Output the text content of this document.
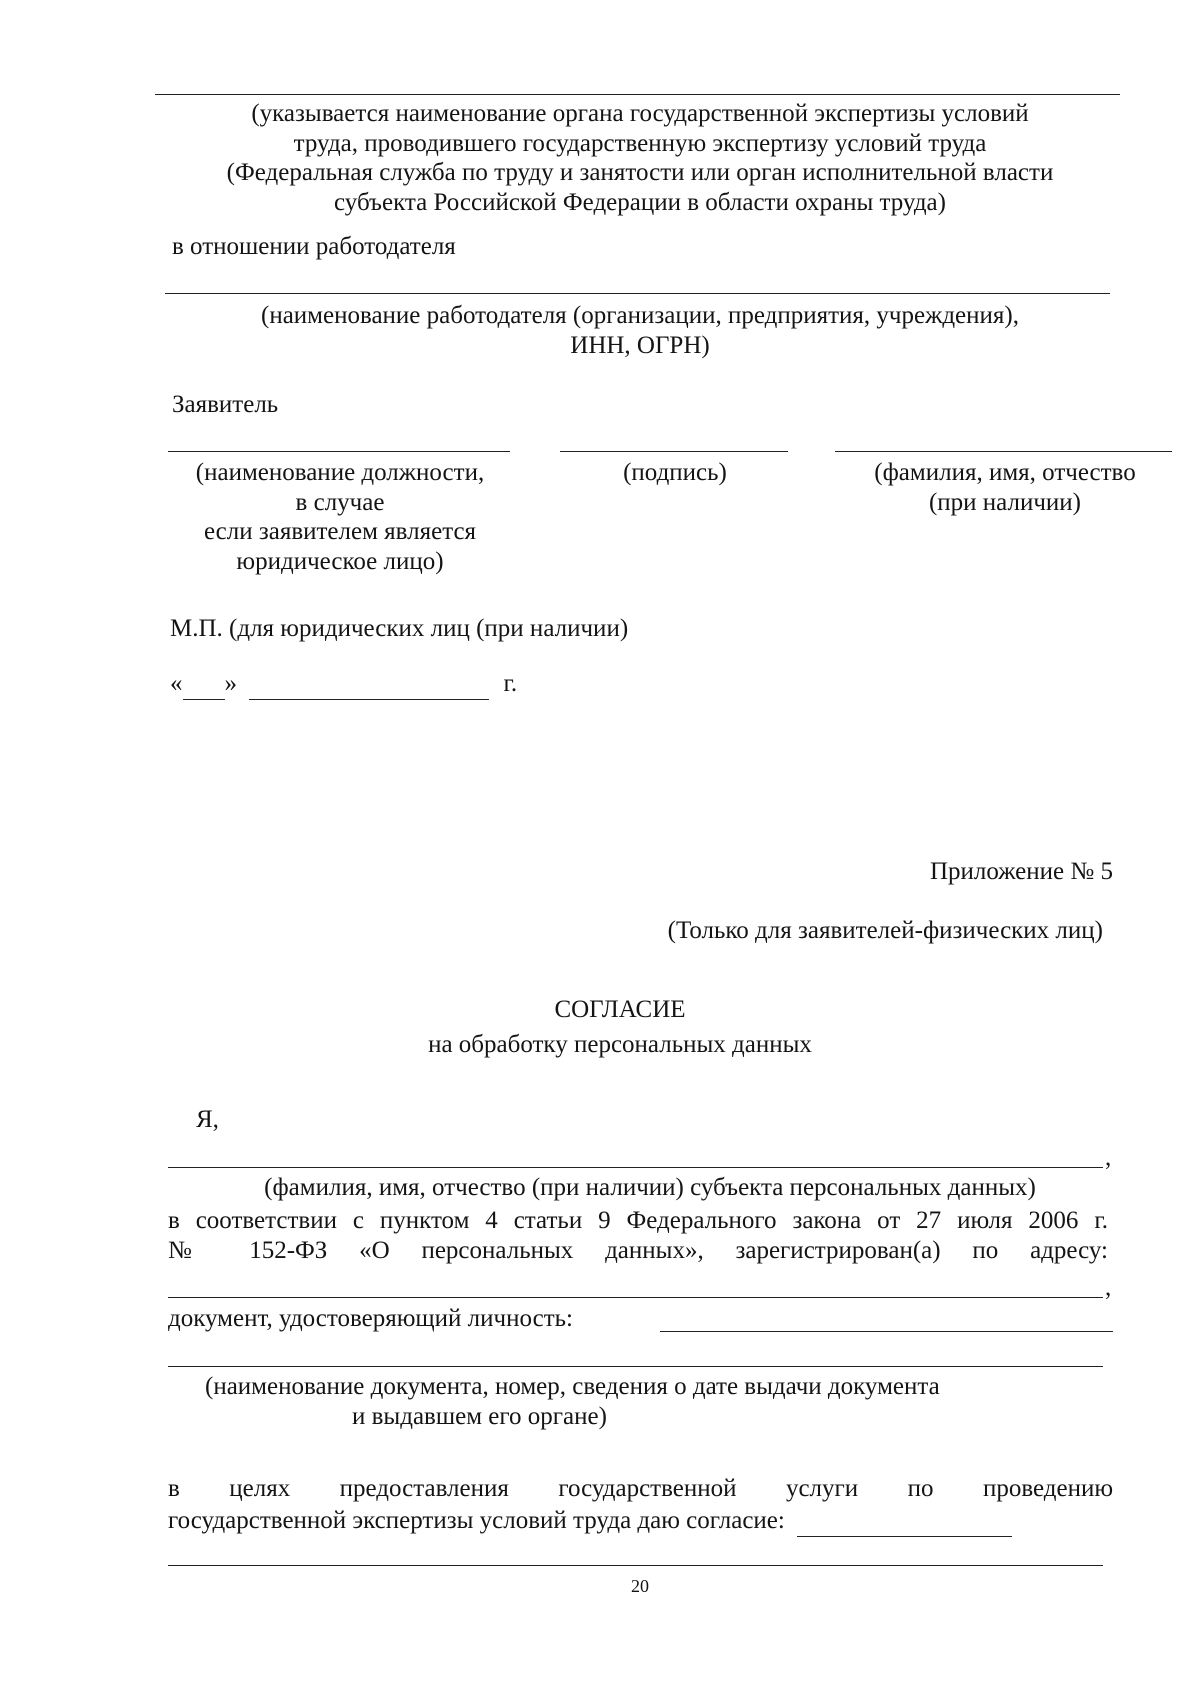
(указывается наименование органа государственной экспертизы условий
труда, проводившего государственную экспертизу условий труда
(Федеральная служба по труду и занятости или орган исполнительной власти
субъекта Российской Федерации в области охраны труда)
в отношении работодателя
(наименование работодателя (организации, предприятия, учреждения),
ИНН, ОГРН)
Заявитель
(наименование должности,
в случае
если заявителем является
юридическое лицо)
(подпись)	(фамилия, имя, отчество
(при наличии)
М.П. (для юридических лиц (при наличии)
« »	г.
Приложение № 5
(Только для заявителей-физических лиц)
СОГЛАСИЕ
на обработку персональных данных
Я,
,
(фамилия, имя, отчество (при наличии) субъекта персональных данных)
в соответствии с пунктом 4 статьи 9 Федерального закона от 27 июля 2006 г.
№ 152-ФЗ «О персональных данных», зарегистрирован(а) по адресу:
,
документ, удостоверяющий личность:
(наименование документа, номер, сведения о дате выдачи документа
и выдавшем его органе)
в целях предоставления государственной услуги по проведению
государственной экспертизы условий труда даю согласие:
20
